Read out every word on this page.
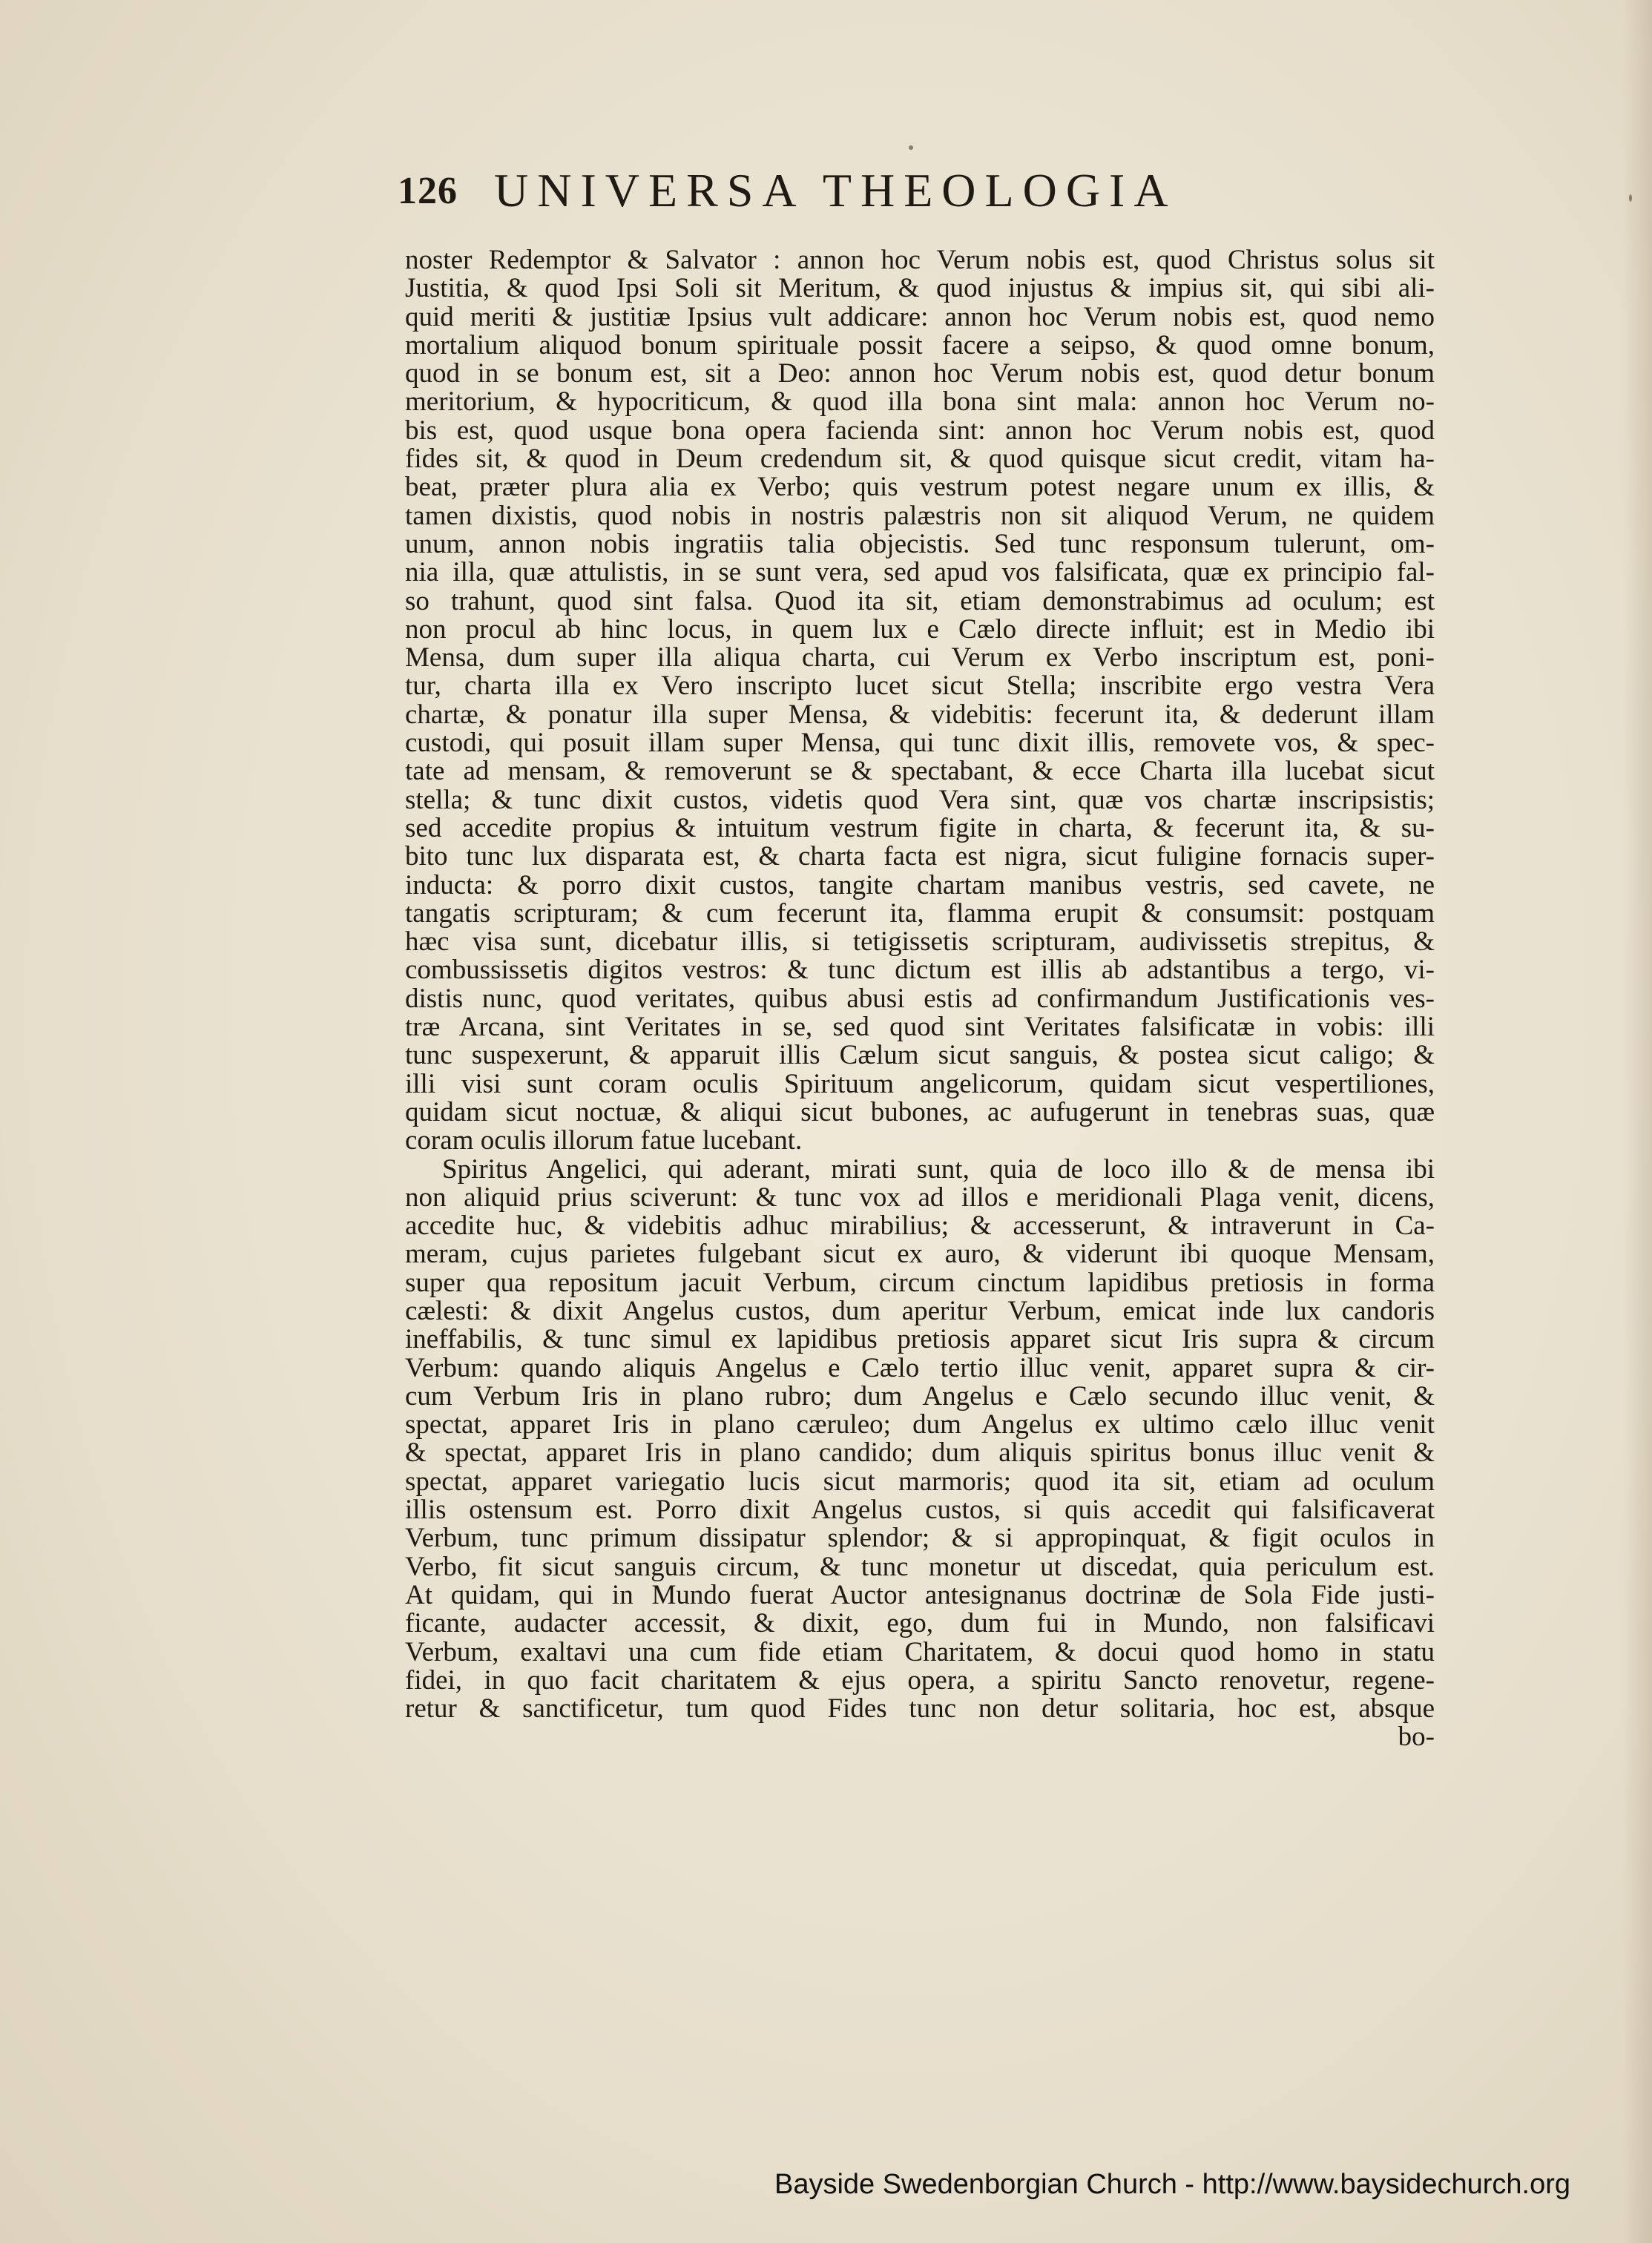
126 UNIVERSA THEOLOGIA
noster Redemptor & Salvator : annon hoc Verum nobis est, quod Christus solus sit
Justitia, & quod Ipsi Soli sit Meritum, & quod injustus & impius sit, qui sibi ali-
quid meriti & justitiæ Ipsius vult addicare: annon hoc Verum nobis est, quod nemo
mortalium aliquod bonum spirituale possit facere a seipso, & quod omne bonum,
quod in se bonum est, sit a Deo: annon hoc Verum nobis est, quod detur bonum
meritorium, & hypocriticum, & quod illa bona sint mala: annon hoc Verum no-
bis est, quod usque bona opera facienda sint: annon hoc Verum nobis est, quod
fides sit, & quod in Deum credendum sit, & quod quisque sicut credit, vitam ha-
beat, præter plura alia ex Verbo; quis vestrum potest negare unum ex illis, &
tamen dixistis, quod nobis in nostris palæstris non sit aliquod Verum, ne quidem
unum, annon nobis ingratiis talia objecistis. Sed tunc responsum tulerunt, om-
nia illa, quæ attulistis, in se sunt vera, sed apud vos falsificata, quæ ex principio fal-
so trahunt, quod sint falsa. Quod ita sit, etiam demonstrabimus ad oculum; est
non procul ab hinc locus, in quem lux e Cælo directe influit; est in Medio ibi
Mensa, dum super illa aliqua charta, cui Verum ex Verbo inscriptum est, poni-
tur, charta illa ex Vero inscripto lucet sicut Stella; inscribite ergo vestra Vera
chartæ, & ponatur illa super Mensa, & videbitis: fecerunt ita, & dederunt illam
custodi, qui posuit illam super Mensa, qui tunc dixit illis, removete vos, & spec-
tate ad mensam, & removerunt se & spectabant, & ecce Charta illa lucebat sicut
stella; & tunc dixit custos, videtis quod Vera sint, quæ vos chartæ inscripsistis;
sed accedite propius & intuitum vestrum figite in charta, & fecerunt ita, & su-
bito tunc lux disparata est, & charta facta est nigra, sicut fuligine fornacis super-
inducta: & porro dixit custos, tangite chartam manibus vestris, sed cavete, ne
tangatis scripturam; & cum fecerunt ita, flamma erupit & consumsit: postquam
hæc visa sunt, dicebatur illis, si tetigissetis scripturam, audivissetis strepitus, &
combussissetis digitos vestros: & tunc dictum est illis ab adstantibus a tergo, vi-
distis nunc, quod veritates, quibus abusi estis ad confirmandum Justificationis ves-
træ Arcana, sint Veritates in se, sed quod sint Veritates falsificatæ in vobis: illi
tunc suspexerunt, & apparuit illis Cælum sicut sanguis, & postea sicut caligo; &
illi visi sunt coram oculis Spirituum angelicorum, quidam sicut vespertiliones,
quidam sicut noctuæ, & aliqui sicut bubones, ac aufugerunt in tenebras suas, quæ
coram oculis illorum fatue lucebant.
Spiritus Angelici, qui aderant, mirati sunt, quia de loco illo & de mensa ibi
non aliquid prius sciverunt: & tunc vox ad illos e meridionali Plaga venit, dicens,
accedite huc, & videbitis adhuc mirabilius; & accesserunt, & intraverunt in Ca-
meram, cujus parietes fulgebant sicut ex auro, & viderunt ibi quoque Mensam,
super qua repositum jacuit Verbum, circum cinctum lapidibus pretiosis in forma
cælesti: & dixit Angelus custos, dum aperitur Verbum, emicat inde lux candoris
ineffabilis, & tunc simul ex lapidibus pretiosis apparet sicut Iris supra & circum
Verbum: quando aliquis Angelus e Cælo tertio illuc venit, apparet supra & cir-
cum Verbum Iris in plano rubro; dum Angelus e Cælo secundo illuc venit, &
spectat, apparet Iris in plano cæruleo; dum Angelus ex ultimo cælo illuc venit
& spectat, apparet Iris in plano candido; dum aliquis spiritus bonus illuc venit &
spectat, apparet variegatio lucis sicut marmoris; quod ita sit, etiam ad oculum
illis ostensum est. Porro dixit Angelus custos, si quis accedit qui falsificaverat
Verbum, tunc primum dissipatur splendor; & si appropinquat, & figit oculos in
Verbo, fit sicut sanguis circum, & tunc monetur ut discedat, quia periculum est.
At quidam, qui in Mundo fuerat Auctor antesignanus doctrinæ de Sola Fide justi-
ficante, audacter accessit, & dixit, ego, dum fui in Mundo, non falsificavi
Verbum, exaltavi una cum fide etiam Charitatem, & docui quod homo in statu
fidei, in quo facit charitatem & ejus opera, a spiritu Sancto renovetur, regene-
retur & sanctificetur, tum quod Fides tunc non detur solitaria, hoc est, absque
bo-
Bayside Swedenborgian Church - http://www.baysidechurch.org
